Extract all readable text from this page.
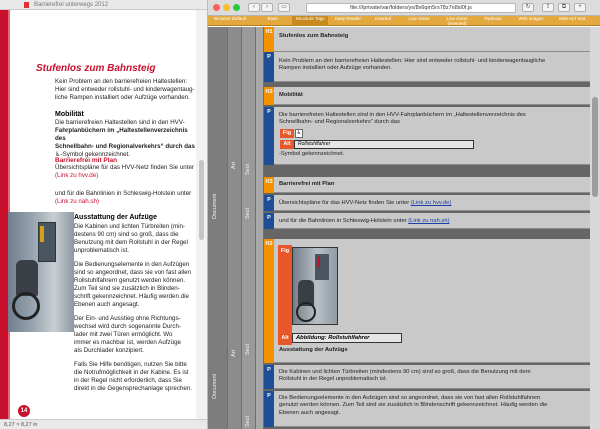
Barrierefrei unterwegs 2012
Stufenlos zum Bahnsteig
Kein Problem an den barrierefreien Haltestellen:
Hier sind entweder rollstuhl- und kinderwagentaug-
liche Rampen installiert oder Aufzüge vorhanden.
Mobilität
Die barrierefreien Haltestellen sind in den HVV-
Fahrplanbüchern im „Haltestellenverzeichnis des
Schnellbahn- und Regionalverkehrs“ durch das
♿-Symbol gekennzeichnet.
Barrierefrei mit Plan
Übersichtspläne für das HVV-Netz finden Sie unter
(Link zu hvv.de)
und für die Bahnlinien in Schleswig-Holstein unter
(Link zu nah.sh)
Ausstattung der Aufzüge
Die Kabinen und lichten Türbreiten (min-
destens 90 cm) sind so groß, dass die
Benutzung mit dem Rollstuhl in der Regel
unproblematisch ist.
Die Bedienungselemente in den Aufzügen
sind so angeordnet, dass sie von fast allen
Rollstuhlfahrern genutzt werden können.
Zum Teil sind sie zusätzlich in Blinden-
schrift gekennzeichnet. Häufig werden die
Ebenen auch angesagt.
Der Ein- und Ausstieg ohne Richtungs-
wechsel wird durch sogenannte Durch-
lader mit zwei Türen ermöglicht. Wo
immer es machbar ist, werden Aufzüge
als Durchlader konzipiert.
Falls Sie Hilfe benötigen, nutzen Sie bitte
die Notrufmöglichkeit in der Kabine. Es ist
in der Regel nicht erforderlich, dass Sie
direkt in die Gegensprechanlage sprechen.
14
8,27 × 8,27 in
‹	›	▭	file:///private/var/folders/ys/8x6qm5rs78z7n8sl0f.js	↻	⇪	⧉	+
Browser Default	Basic	Structure Tags	Easy Reader	Inverted	Low vision	Low vision (inverted)
Dyslexia	Web images	Web ALT text
Document
Document
Art
Art
Sect
Sect
Sect
Sect
H1
Stufenlos zum Bahnsteig
P
Kein Problem an den barrierefreien Haltestellen: Hier sind entweder rollstuhl- und kinderwagentaugliche
Rampen installiert oder Aufzüge vorhanden.
H3 Mobilität
P	Die barrierefreien Haltestellen sind in den HVV-Fahrplanbüchern im „Haltestellenverzeichnis des
Schnellbahn- und Regionalverkehrs“ durch das
Fig	♿
Alt	Rollstuhlfahrer
-Symbol gekennzeichnet.
H3 Barrierefrei mit Plan
P	Übersichtspläne für das HVV-Netz finden Sie unter (Link zu hvv.de)
P	und für die Bahnlinien in Schleswig-Holstein unter (Link zu nah.sh)
H3
Fig
Alt	Abbildung: Rollstuhlfahrer
Ausstattung der Aufzüge
P	Die Kabinen und lichten Türbreiten (mindestens 90 cm) sind so groß, dass die Benutzung mit dem
Rollstuhl in der Regel unproblematisch ist.
P	Die Bedienungselemente in den Aufzügen sind so angeordnet, dass sie von fast allen Rollstuhlfahrern
genutzt werden können. Zum Teil sind sie zusätzlich in Blindenschrift gekennzeichnet. Häufig werden die
Ebenen auch angesagt.
